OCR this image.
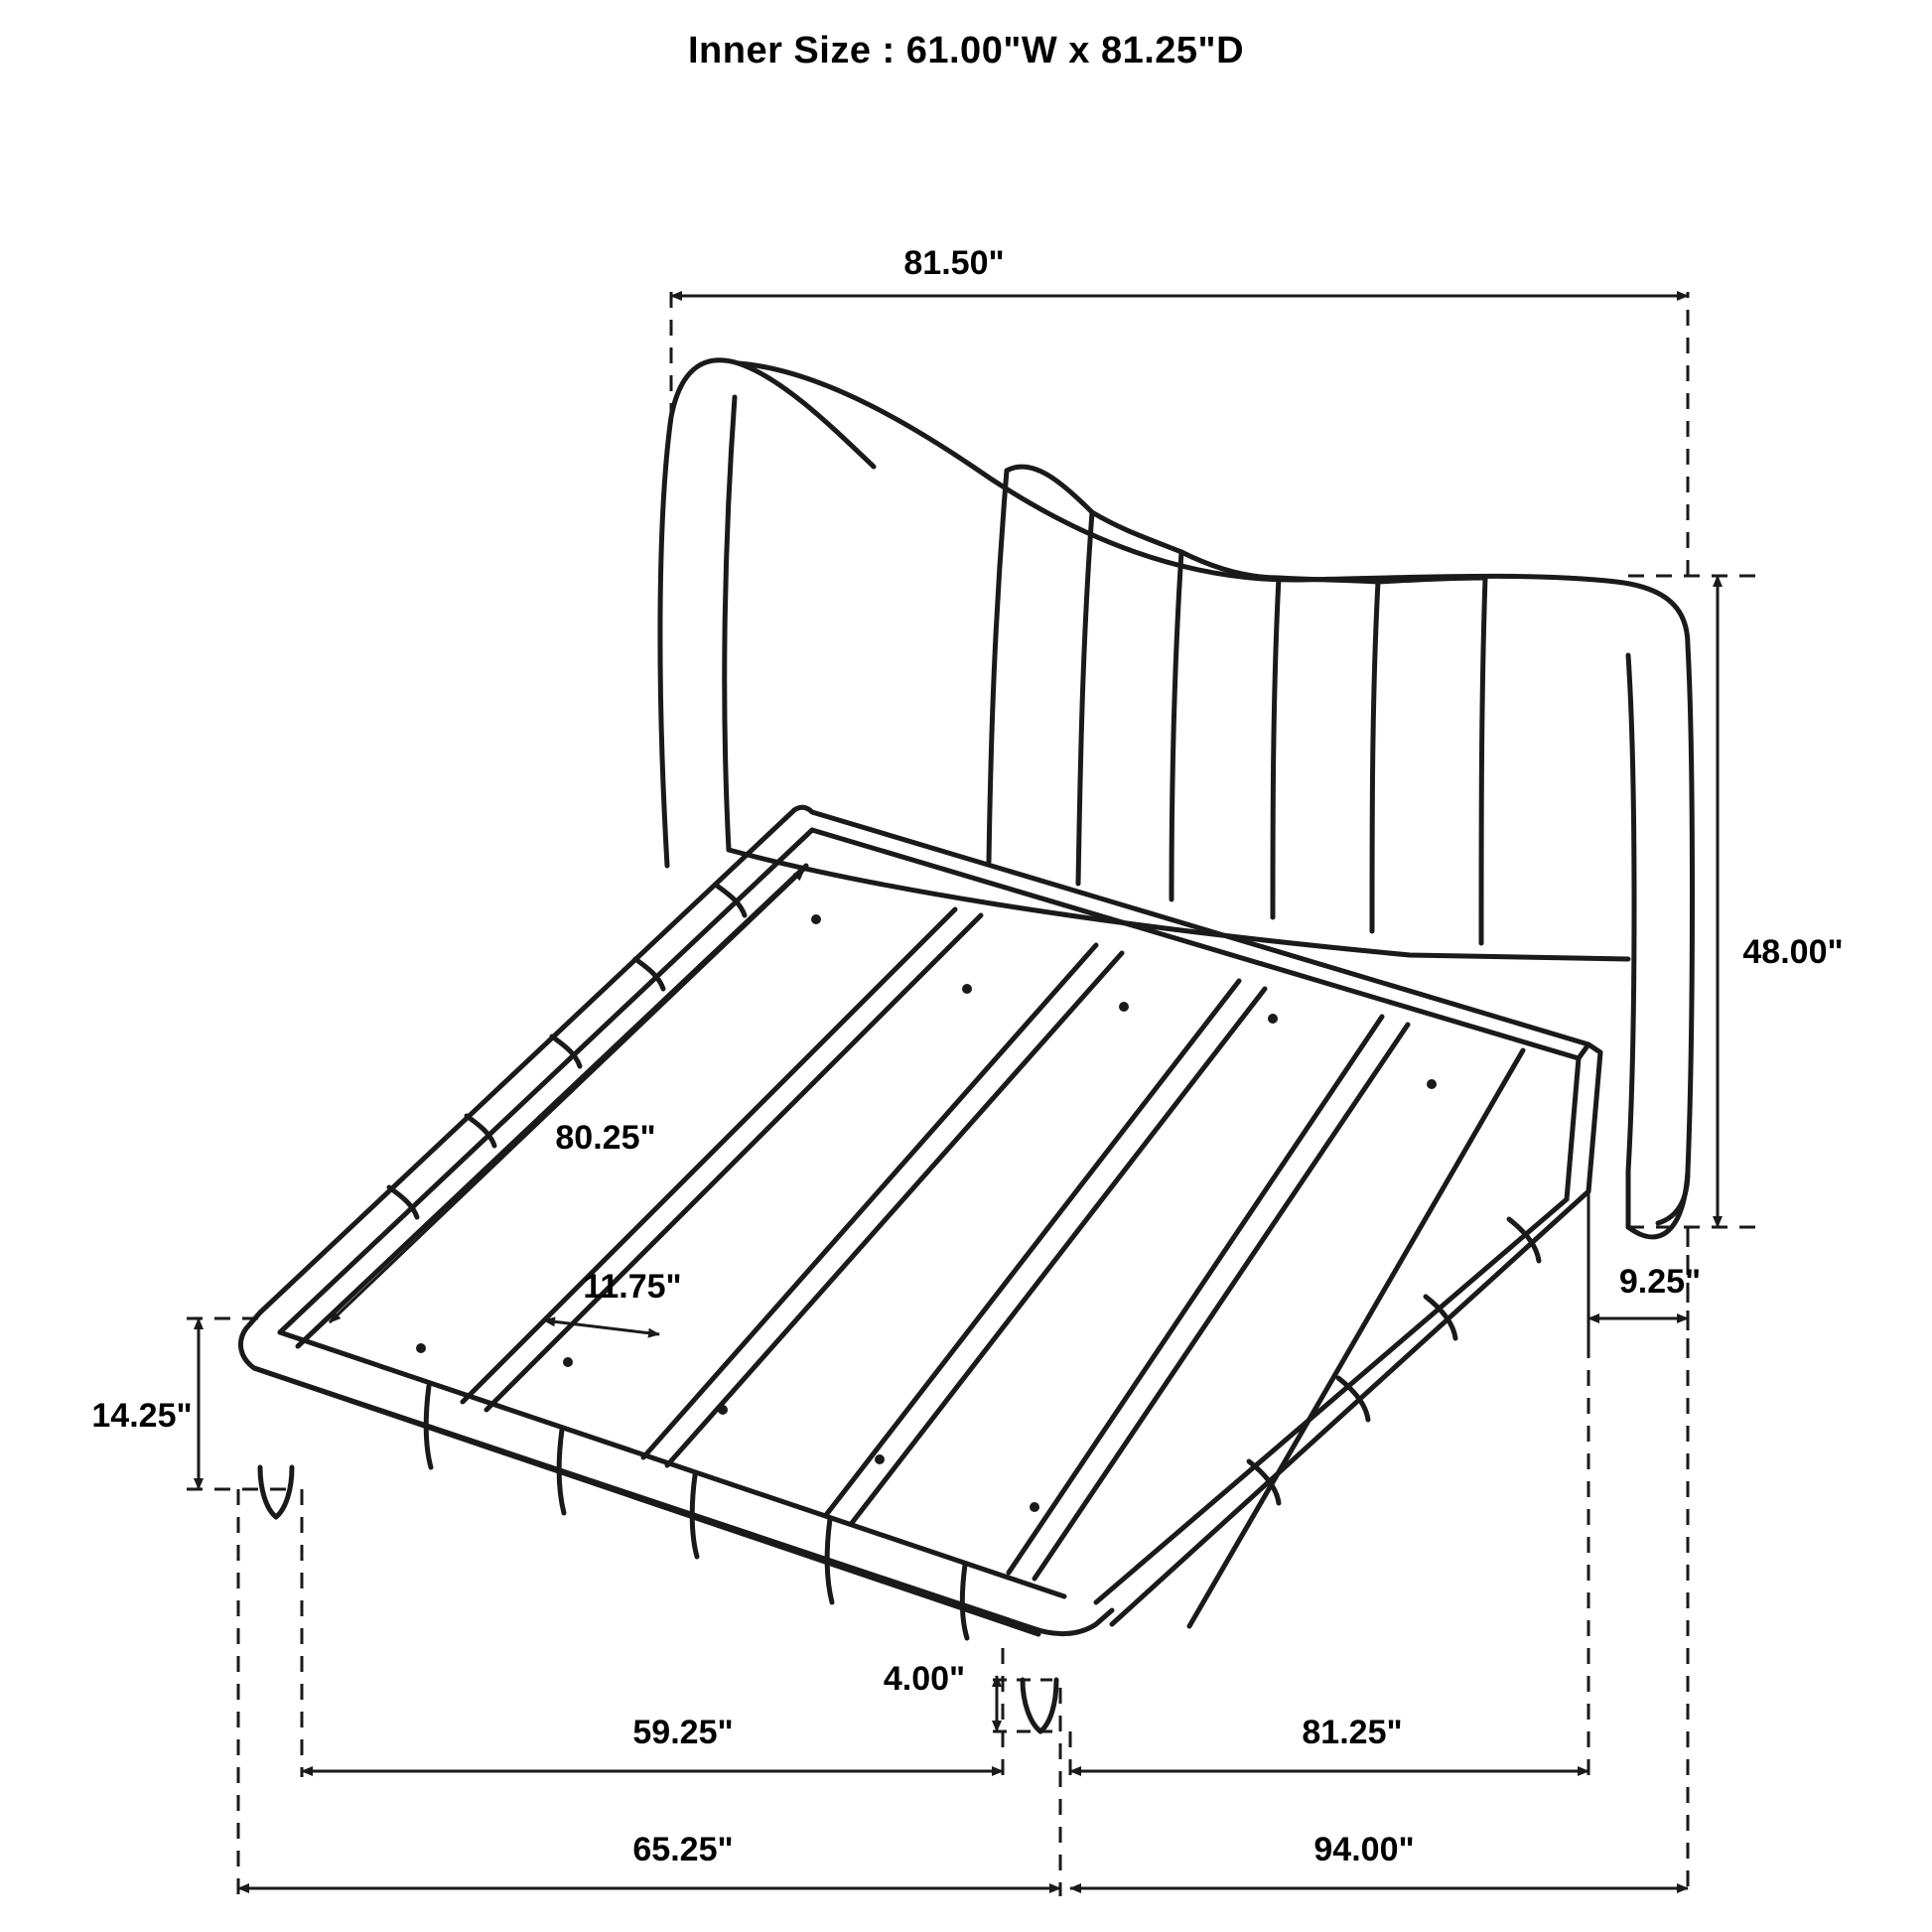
Inner Size : 61.00"W x 81.25"D
81.50"
48.00"
80.25"
11.75"
14.25"
9.25"
4.00"
59.25"	81.25"
65.25"	94.00"
